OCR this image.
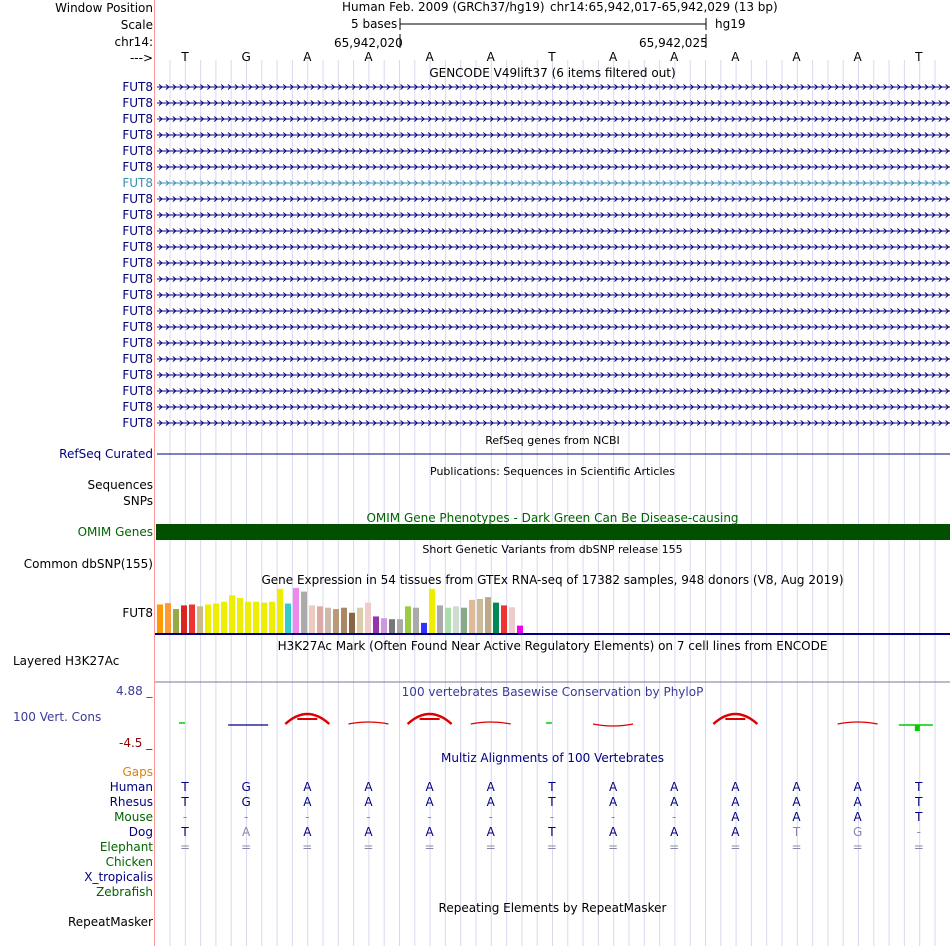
Window Position
Scale
chr14:
--->
Human Feb. 2009 (GRCh37/hg19) chr14:65,942,017-65,942,029 (13 bp)
5 bases	hg19
65,942,020	65,942,025
T	G	A	A	A	A	T	A	A	A	A	A	T
GENCODE V49lift37 (6 items filtered out)
FUT8
FUT8
FUT8
FUT8
FUT8
FUT8
FUT8
FUT8
FUT8
FUT8
FUT8
FUT8
FUT8
FUT8
FUT8
FUT8
FUT8
FUT8
FUT8
FUT8
FUT8
FUT8
RefSeq genes from NCBI
RefSeq Curated
Publications: Sequences in Scientific Articles
Sequences
SNPs
OMIM Gene Phenotypes - Dark Green Can Be Disease-causing
OMIM Genes
Short Genetic Variants from dbSNP release 155
Common dbSNP(155)
Gene Expression in 54 tissues from GTEx RNA-seq of 17382 samples, 948 donors (V8, Aug 2019)
FUT8
H3K27Ac Mark (Often Found Near Active Regulatory Elements) on 7 cell lines from ENCODE
Layered H3K27Ac
100 vertebrates Basewise Conservation by PhyloP
4.88 _
100 Vert. Cons
-4.5 _
Multiz Alignments of 100 Vertebrates
Gaps
Human T	G	A	A	A	A	T	A	A	A	A	A	T
Rhesus T	G	A	A	A	A	T	A	A	A	A	A	T
Mouse	-	-	-	-	-	-	-	-	-	A	A	A	T
Dog T	A	A	A	A	A	T	A	A	A	T	G	-
Elephant =	=	=	=	=	=	=	=	=	=	=	=	=
Chicken
X_tropicalis
Zebrafish
Repeating Elements by RepeatMasker
RepeatMasker
